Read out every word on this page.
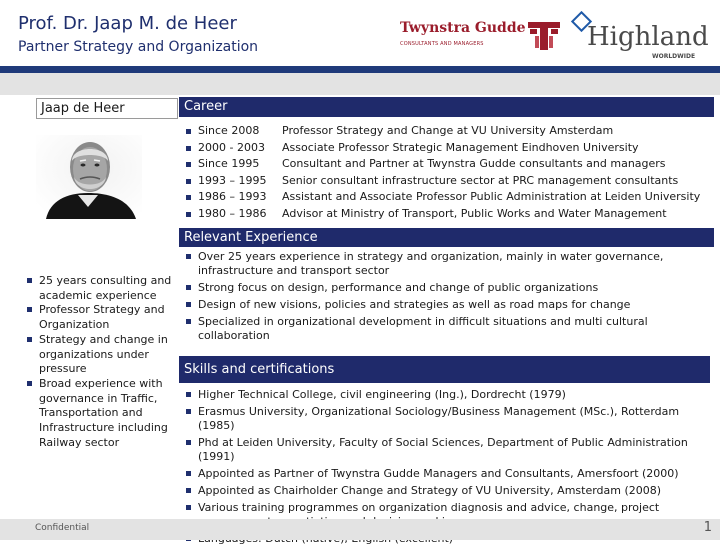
Prof. Dr. Jaap M. de Heer
Partner Strategy and Organization
Twynstra Gudde
CONSULTANTS AND MANAGERS	Highland
WORLDWIDE
Jaap de Heer
25 years consulting and academic experience
Professor Strategy and Organization
Strategy and change in organizations under pressure
Broad experience with governance in Traffic, Transportation and Infrastructure including Railway sector
Career
Since 2008 Professor Strategy and Change at VU University Amsterdam
2000 - 2003 Associate Professor Strategic Management Eindhoven University
Since 1995 Consultant and Partner at Twynstra Gudde consultants and managers
1993 – 1995 Senior consultant infrastructure sector at PRC management consultants
1986 – 1993 Assistant and Associate Professor Public Administration at Leiden University
1980 – 1986 Advisor at Ministry of Transport, Public Works and Water Management
Relevant Experience
Over 25 years experience in strategy and organization, mainly in water governance, infrastructure and transport sector
Strong focus on design, performance and change of public organizations
Design of new visions, policies and strategies as well as road maps for change
Specialized in organizational development in difficult situations and multi cultural collaboration
Skills and certifications
Higher Technical College, civil engineering (Ing.), Dordrecht (1979)
Erasmus University, Organizational Sociology/Business Management (MSc.), Rotterdam (1985)
Phd at Leiden University, Faculty of Social Sciences, Department of Public Administration (1991)
Appointed as Partner of Twynstra Gudde Managers and Consultants, Amersfoort (2000)
Appointed as Chairholder Change and Strategy of VU University, Amsterdam (2008)
Various training programmes on organization diagnosis and advice, change, project
Confidential	1
